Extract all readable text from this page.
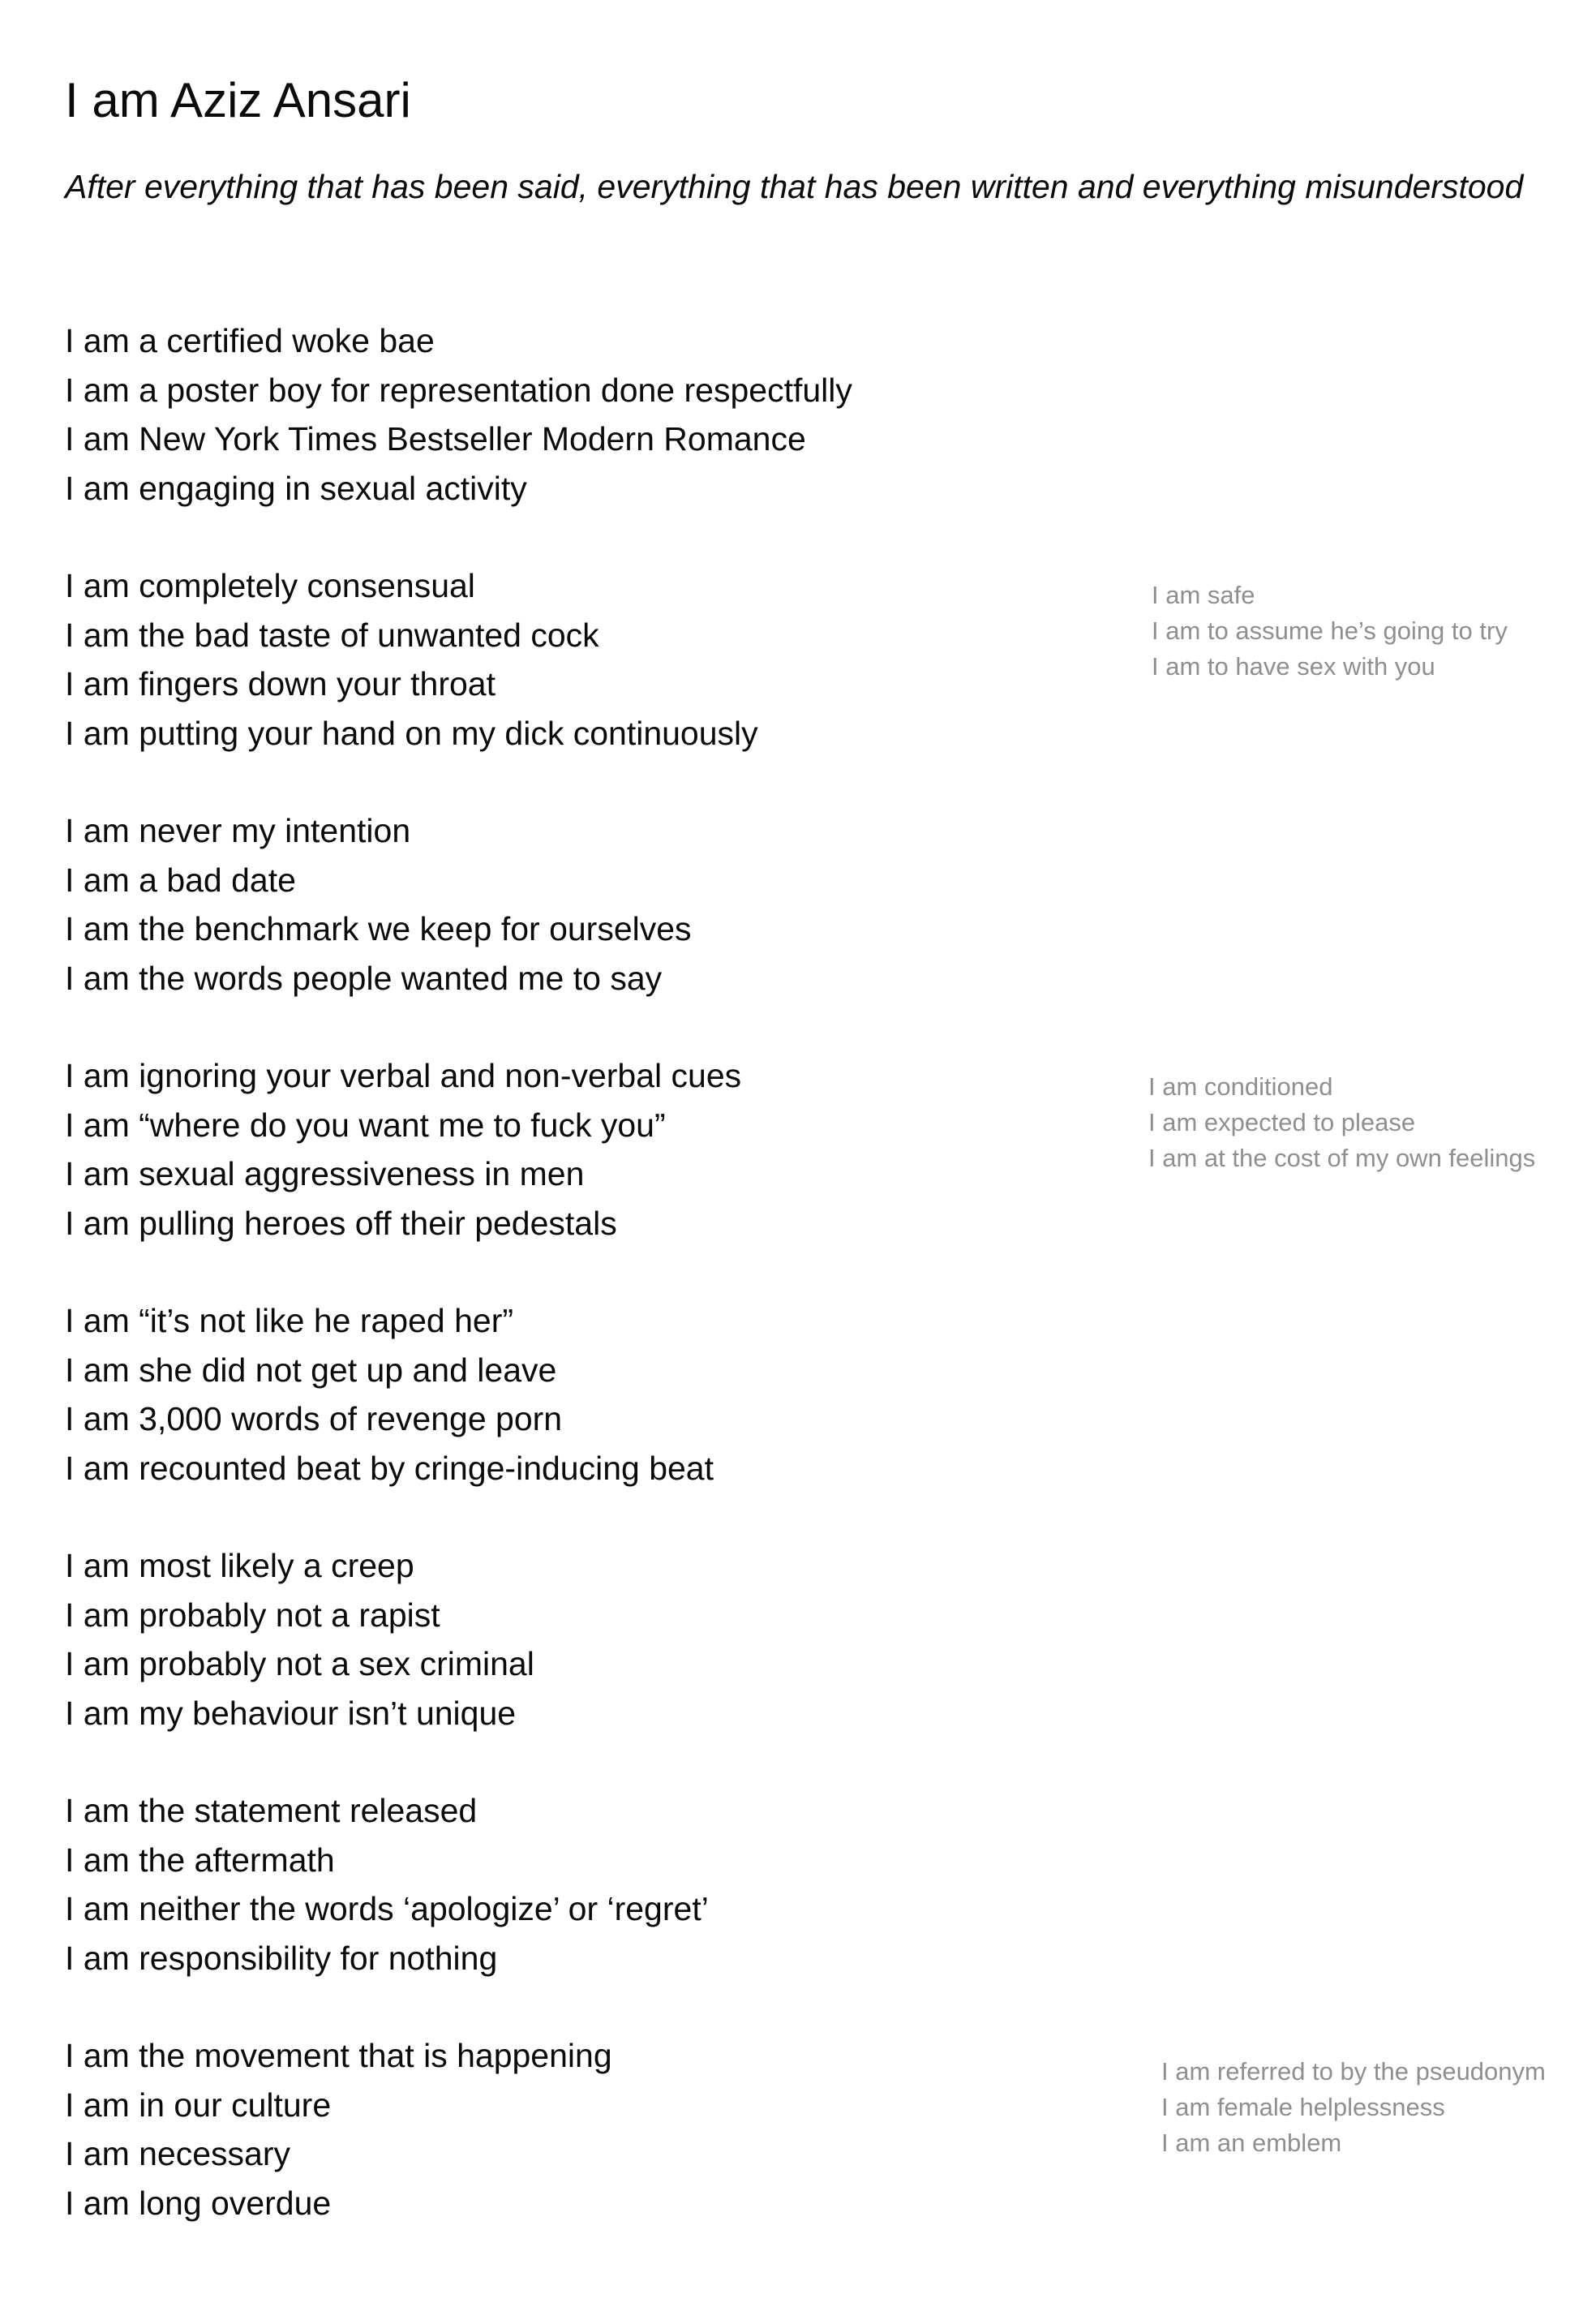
I am Aziz Ansari

After everything that has been said, everything that has been written and everything misunderstood

I am a certified woke bae
I am a poster boy for representation done respectfully
I am New York Times Bestseller Modern Romance
I am engaging in sexual activity
I am completely consensual
I am the bad taste of unwanted cock
I am fingers down your throat
I am putting your hand on my dick continuously
I am never my intention
I am a bad date
I am the benchmark we keep for ourselves
I am the words people wanted me to say
I am ignoring your verbal and non-verbal cues
I am “where do you want me to fuck you”
I am sexual aggressiveness in men
I am pulling heroes off their pedestals
I am “it’s not like he raped her”
I am she did not get up and leave
I am 3,000 words of revenge porn
I am recounted beat by cringe-inducing beat
I am most likely a creep
I am probably not a rapist
I am probably not a sex criminal
I am my behaviour isn’t unique
I am the statement released
I am the aftermath
I am neither the words ‘apologize’ or ‘regret’
I am responsibility for nothing
I am the movement that is happening
I am in our culture
I am necessary
I am long overdue
I am safe
I am to assume he’s going to try
I am to have sex with you
I am conditioned
I am expected to please
I am at the cost of my own feelings
I am referred to by the pseudonym
I am female helplessness
I am an emblem
